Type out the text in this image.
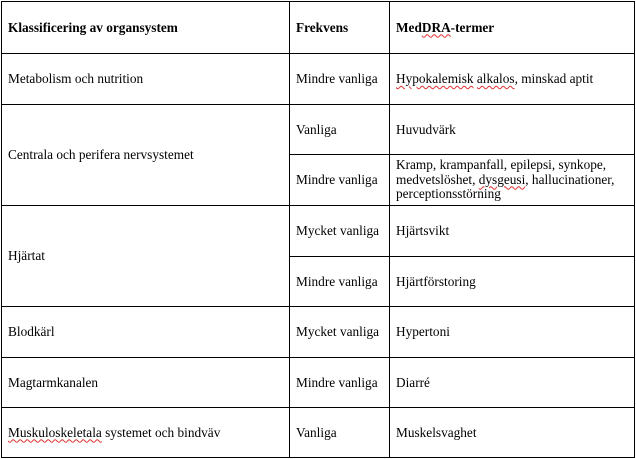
Klassificering av organsystem	Frekvens	MedDRA-termer
Metabolism och nutrition	Mindre vanliga	Hypokalemisk alkalos, minskad aptit
Centrala och perifera nervsystemet	Vanliga	Huvudvärk
	Mindre vanliga	Kramp, krampanfall, epilepsi, synkope, medvetslöshet, dysgeusi, hallucinationer, perceptionsstörning
Hjärtat	Mycket vanliga	Hjärtsvikt
	Mindre vanliga	Hjärtförstoring
Blodkärl	Mycket vanliga	Hypertoni
Magtarmkanalen	Mindre vanliga	Diarré
Muskuloskeletala systemet och bindväv	Vanliga	Muskelsvaghet
